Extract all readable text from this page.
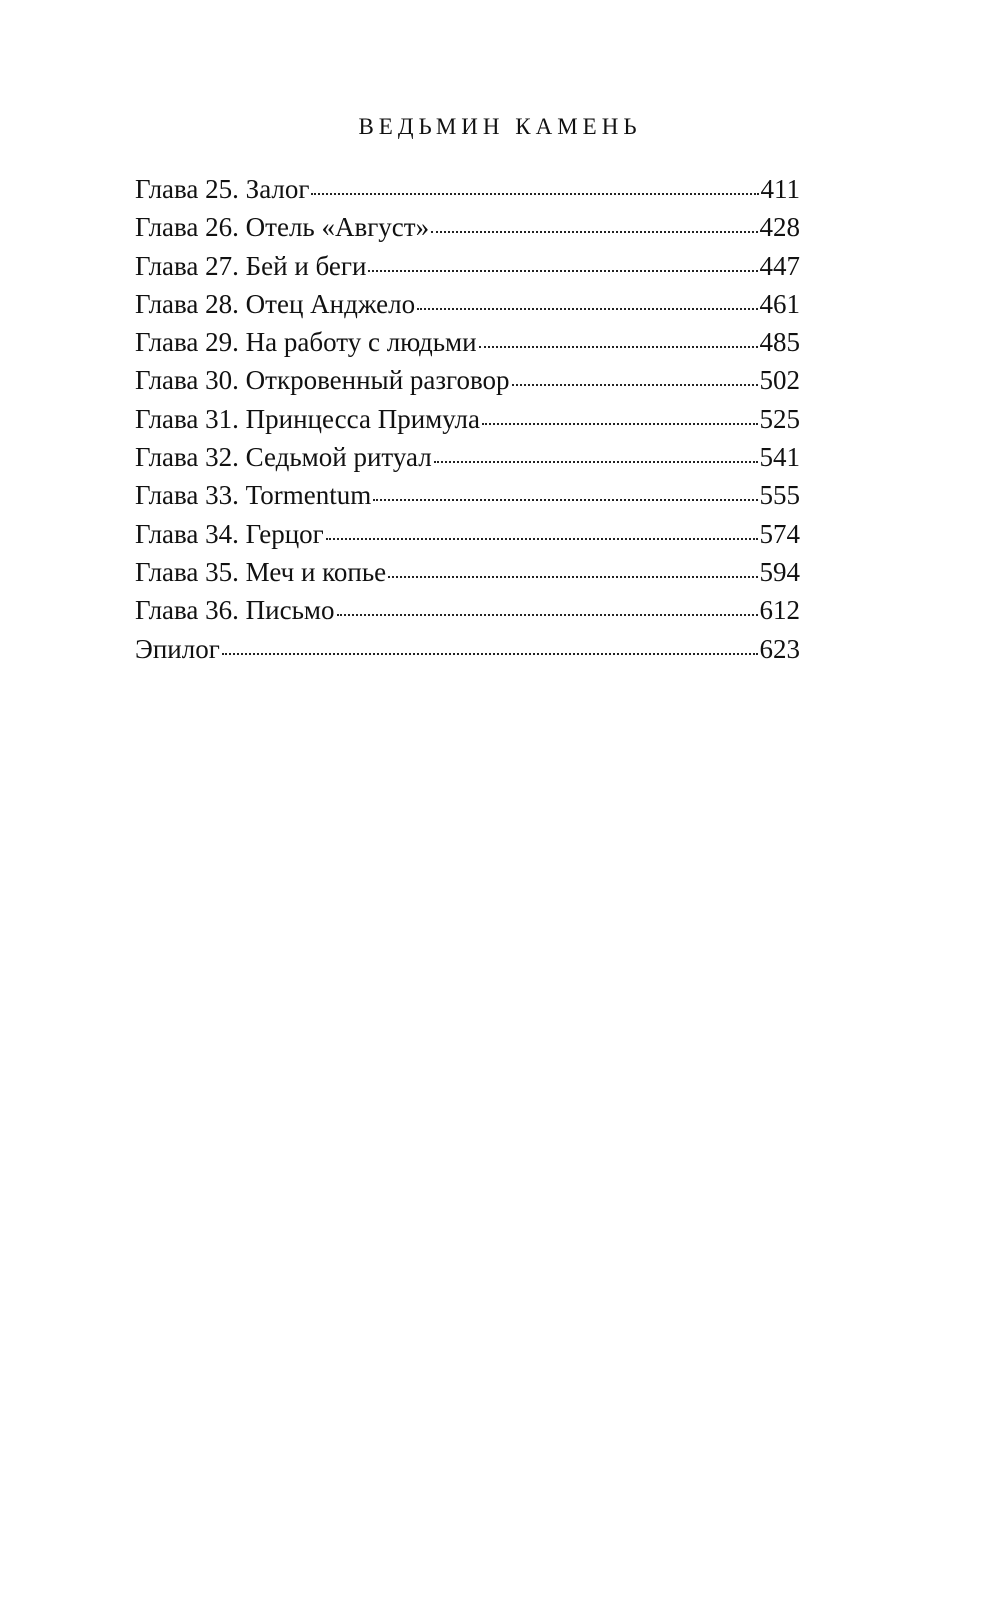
ВЕДЬМИН КАМЕНЬ
Глава 25. Залог	411
Глава 26. Отель «Август»	428
Глава 27. Бей и беги	447
Глава 28. Отец Анджело	461
Глава 29. На работу с людьми	485
Глава 30. Откровенный разговор	502
Глава 31. Принцесса Примула	525
Глава 32. Седьмой ритуал	541
Глава 33. Tormentum	555
Глава 34. Герцог	574
Глава 35. Меч и копье	594
Глава 36. Письмо	612
Эпилог	623
